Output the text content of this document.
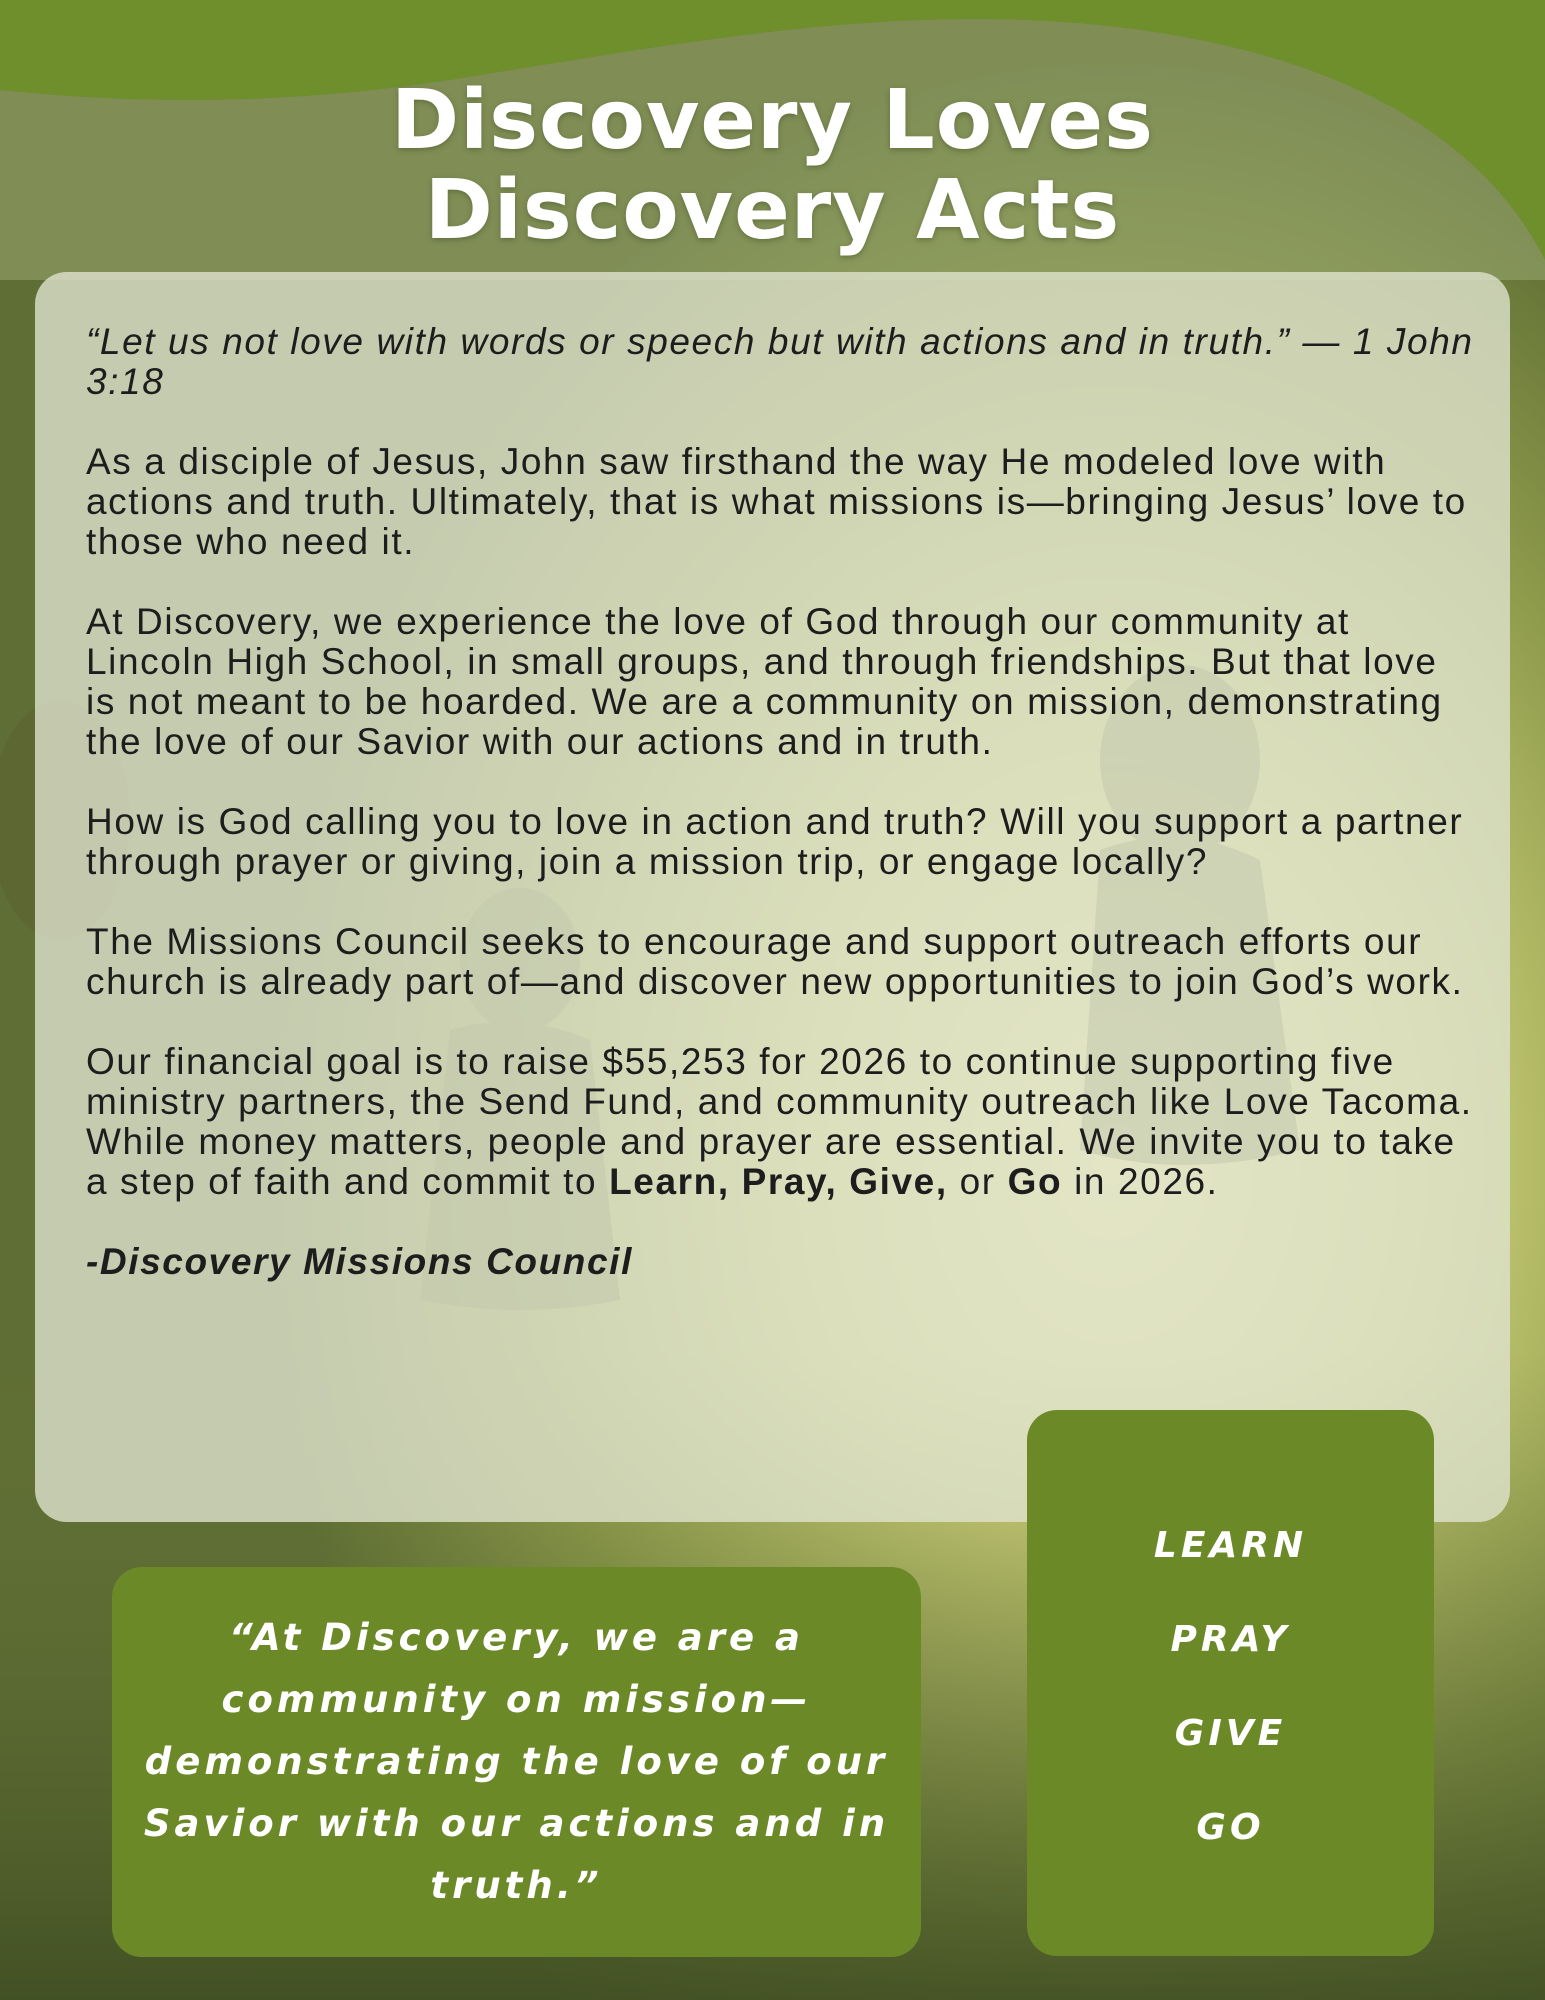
Discovery Loves
Discovery Acts

“Let us not love with words or speech but with actions and in truth.” — 1 John 3:18

As a disciple of Jesus, John saw firsthand the way He modeled love with actions and truth. Ultimately, that is what missions is—bringing Jesus’ love to those who need it.

At Discovery, we experience the love of God through our community at Lincoln High School, in small groups, and through friendships. But that love is not meant to be hoarded. We are a community on mission, demonstrating the love of our Savior with our actions and in truth.

How is God calling you to love in action and truth? Will you support a partner through prayer or giving, join a mission trip, or engage locally?

The Missions Council seeks to encourage and support outreach efforts our church is already part of—and discover new opportunities to join God’s work.

Our financial goal is to raise $55,253 for 2026 to continue supporting five ministry partners, the Send Fund, and community outreach like Love Tacoma. While money matters, people and prayer are essential. We invite you to take a step of faith and commit to Learn, Pray, Give, or Go in 2026.

-Discovery Missions Council

“At Discovery, we are a community on mission—demonstrating the love of our Savior with our actions and in truth.”

LEARN
PRAY
GIVE
GO
